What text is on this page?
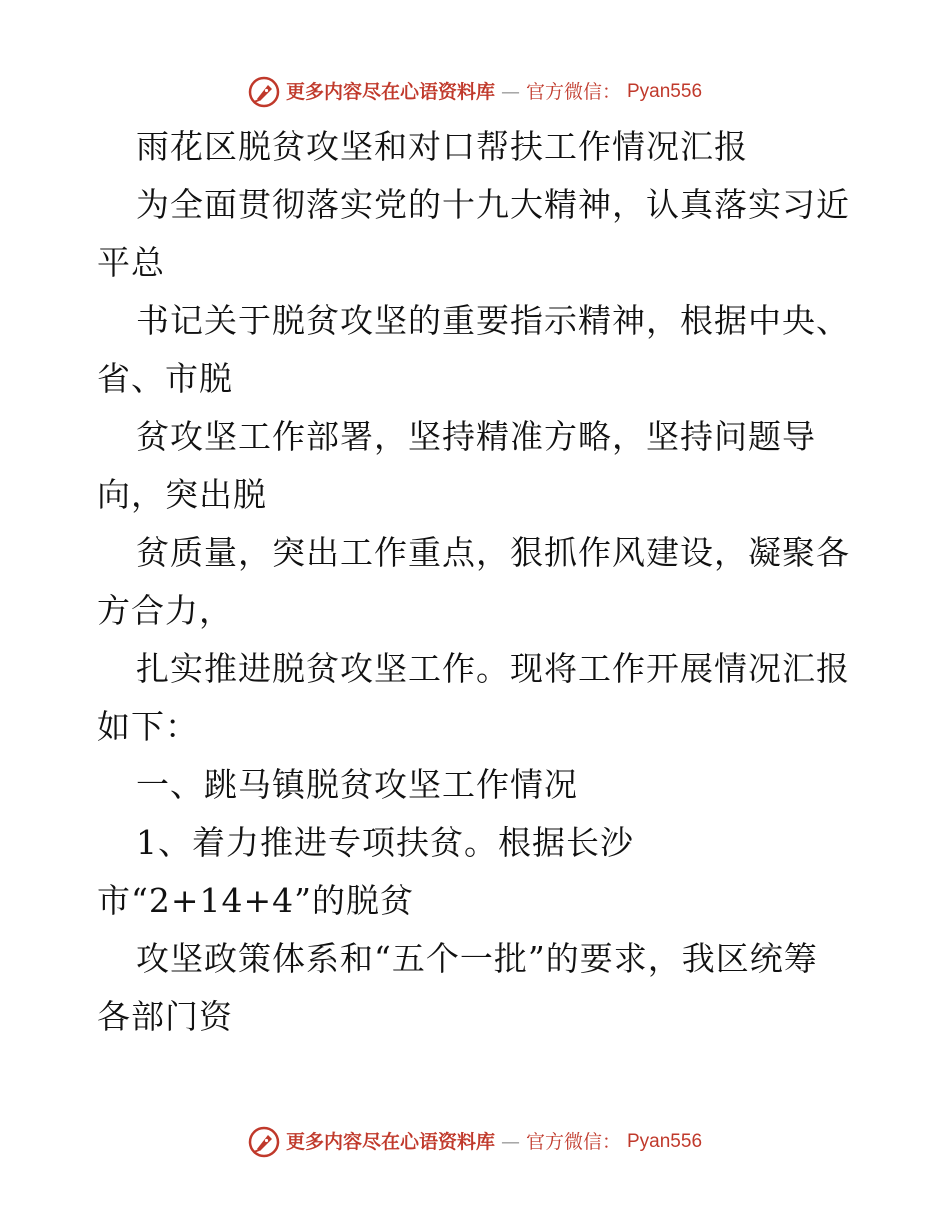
更多内容尽在心语资料库 — 官方微信： Pyan556
雨花区脱贫攻坚和对口帮扶工作情况汇报
为全面贯彻落实党的十九大精神，认真落实习近
平总
书记关于脱贫攻坚的重要指示精神，根据中央、
省、市脱
贫攻坚工作部署，坚持精准方略，坚持问题导
向，突出脱
贫质量，突出工作重点，狠抓作风建设，凝聚各
方合力，
扎实推进脱贫攻坚工作。现将工作开展情况汇报
如下：
一、跳马镇脱贫攻坚工作情况
1、着力推进专项扶贫。根据长沙
市“2+14+4”的脱贫
攻坚政策体系和“五个一批”的要求，我区统筹
各部门资
更多内容尽在心语资料库 — 官方微信： Pyan556
